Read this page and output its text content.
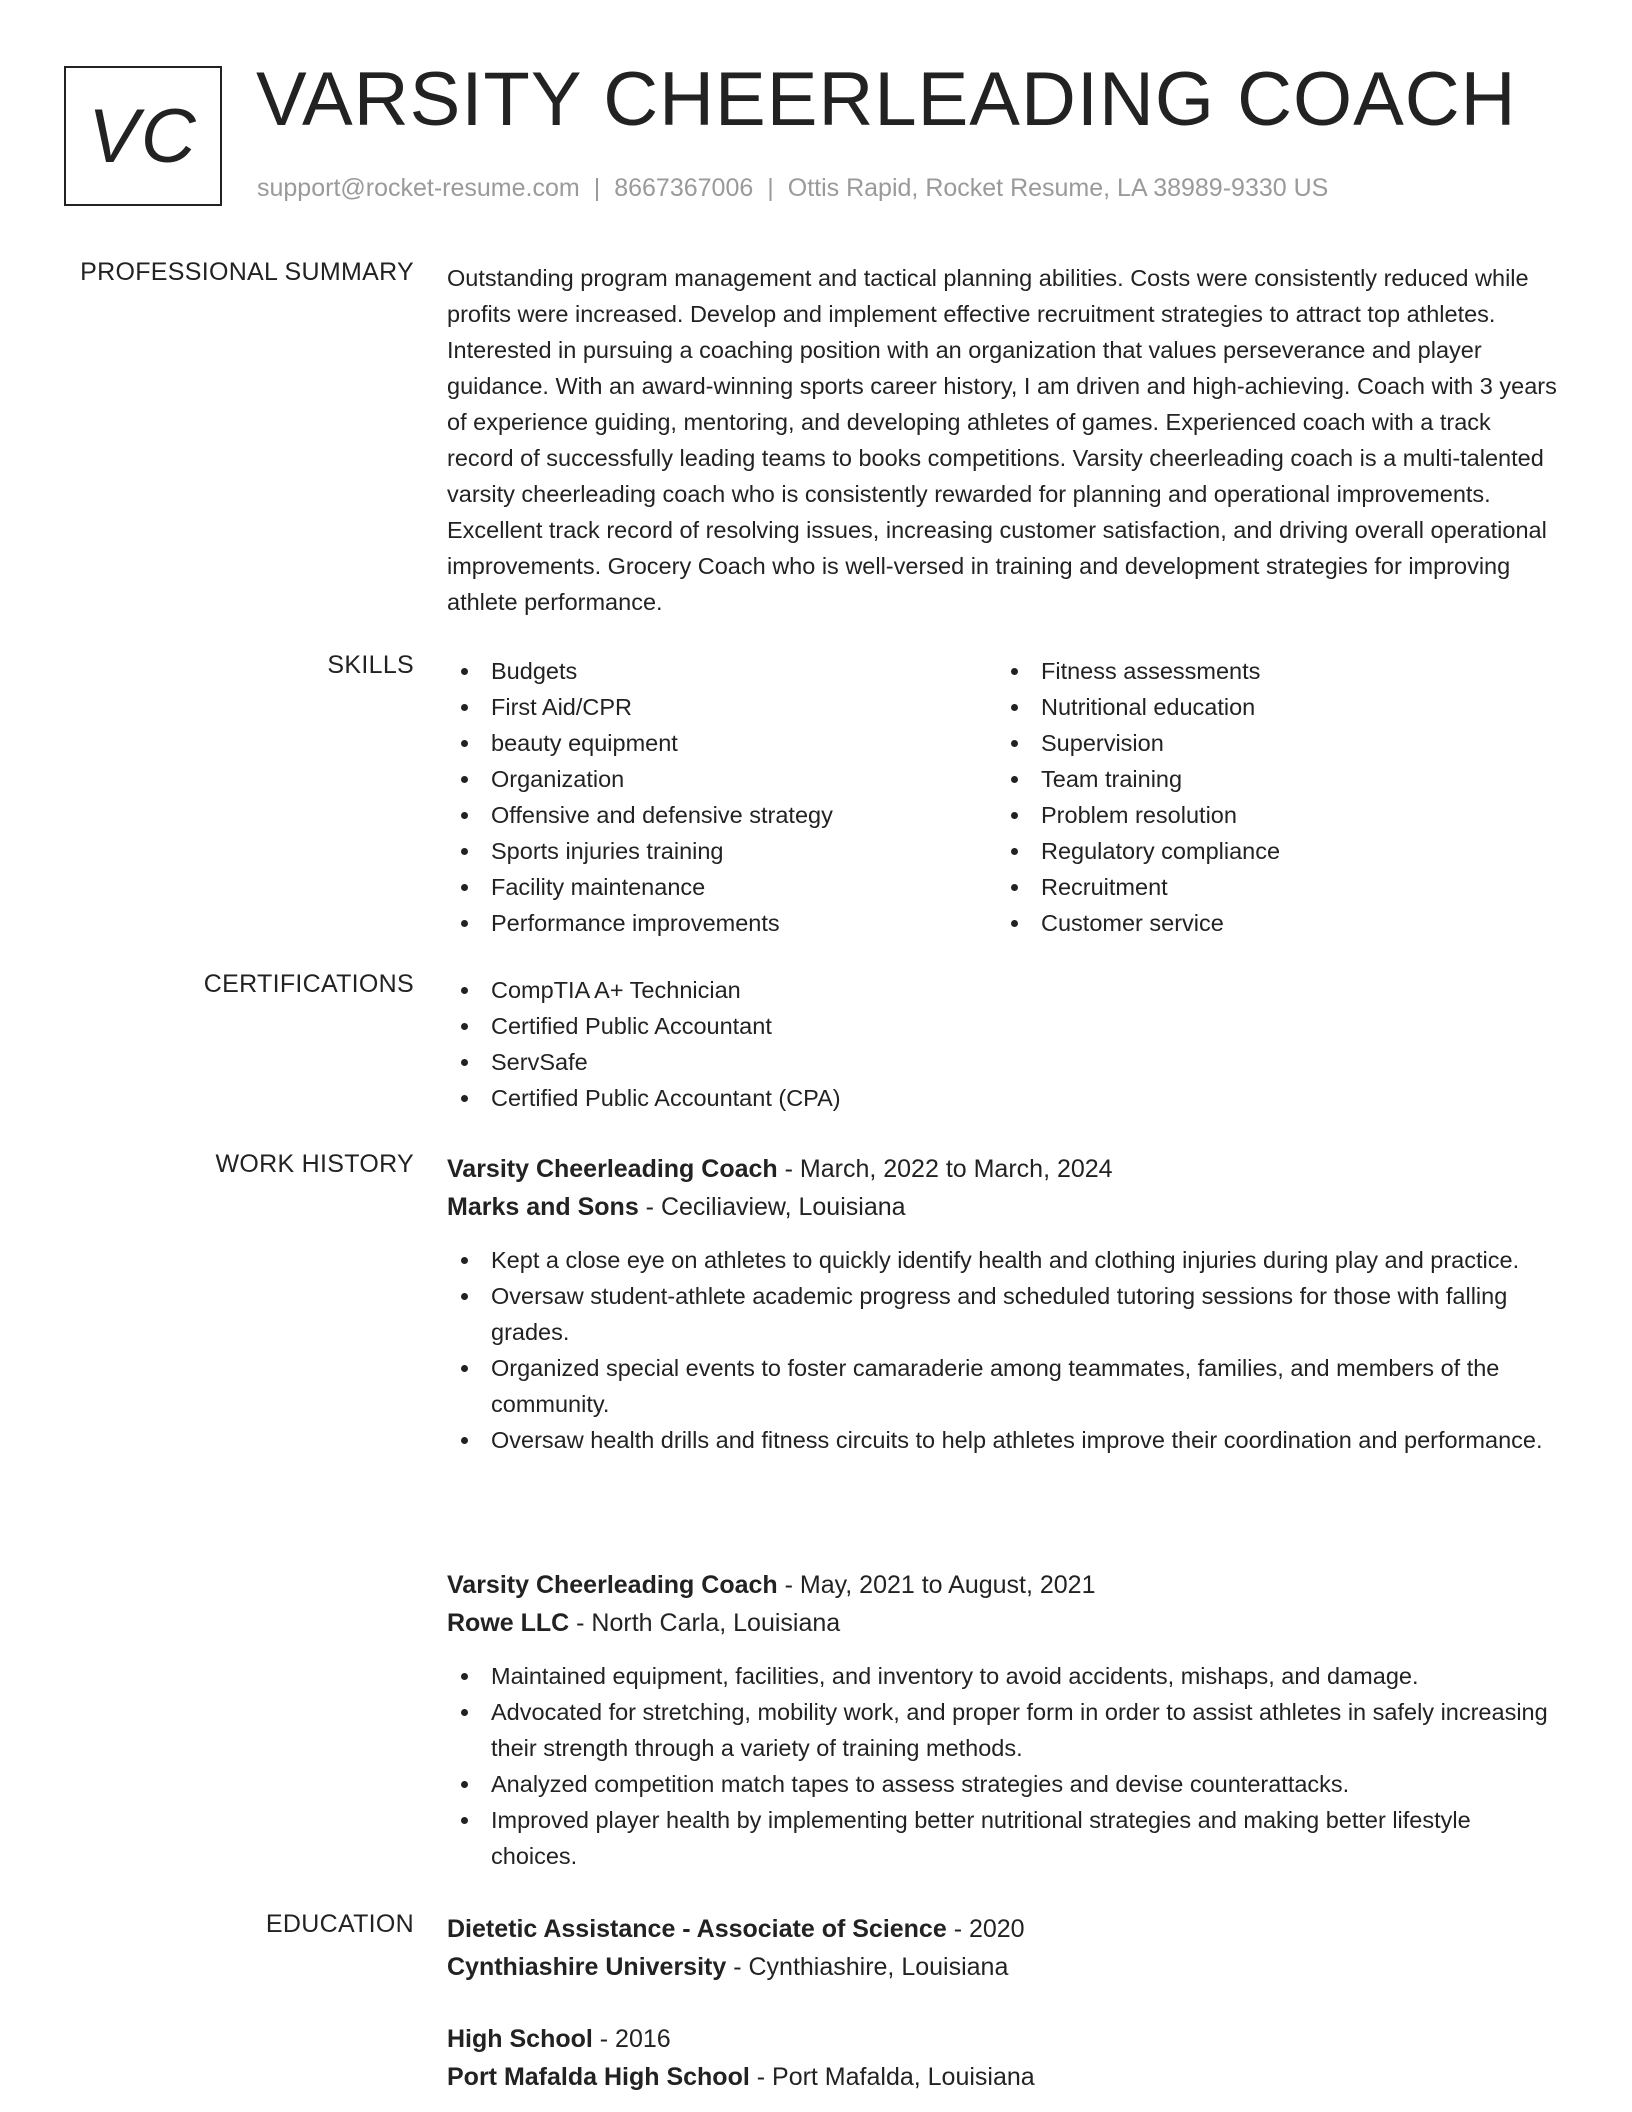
VC VARSITY CHEERLEADING COACH
support@rocket-resume.com | 8667367006 | Ottis Rapid, Rocket Resume, LA 38989-9330 US
PROFESSIONAL SUMMARY Outstanding program management and tactical planning abilities. Costs were consistently reduced while profits were increased. Develop and implement effective recruitment strategies to attract top athletes. Interested in pursuing a coaching position with an organization that values perseverance and player guidance. With an award-winning sports career history, I am driven and high-achieving. Coach with 3 years of experience guiding, mentoring, and developing athletes of games. Experienced coach with a track record of successfully leading teams to books competitions. Varsity cheerleading coach is a multi-talented varsity cheerleading coach who is consistently rewarded for planning and operational improvements. Excellent track record of resolving issues, increasing customer satisfaction, and driving overall operational improvements. Grocery Coach who is well-versed in training and development strategies for improving athlete performance.
SKILLS	Budgets
First Aid/CPR
beauty equipment
Organization
Offensive and defensive strategy
Sports injuries training
Facility maintenance
Performance improvements
Fitness assessments
Nutritional education
Supervision
Team training
Problem resolution
Regulatory compliance
Recruitment
Customer service
CERTIFICATIONS	CompTIA A+ Technician
Certified Public Accountant
ServSafe
Certified Public Accountant (CPA)
WORK HISTORY Varsity Cheerleading Coach - March, 2022 to March, 2024
Marks and Sons - Ceciliaview, Louisiana
Kept a close eye on athletes to quickly identify health and clothing injuries during play and practice.
Oversaw student-athlete academic progress and scheduled tutoring sessions for those with falling grades.
Organized special events to foster camaraderie among teammates, families, and members of the community.
Oversaw health drills and fitness circuits to help athletes improve their coordination and performance.
Varsity Cheerleading Coach - May, 2021 to August, 2021
Rowe LLC - North Carla, Louisiana
Maintained equipment, facilities, and inventory to avoid accidents, mishaps, and damage.
Advocated for stretching, mobility work, and proper form in order to assist athletes in safely increasing their strength through a variety of training methods.
Analyzed competition match tapes to assess strategies and devise counterattacks.
Improved player health by implementing better nutritional strategies and making better lifestyle choices.
EDUCATION Dietetic Assistance - Associate of Science - 2020
Cynthiashire University - Cynthiashire, Louisiana
High School - 2016
Port Mafalda High School - Port Mafalda, Louisiana
